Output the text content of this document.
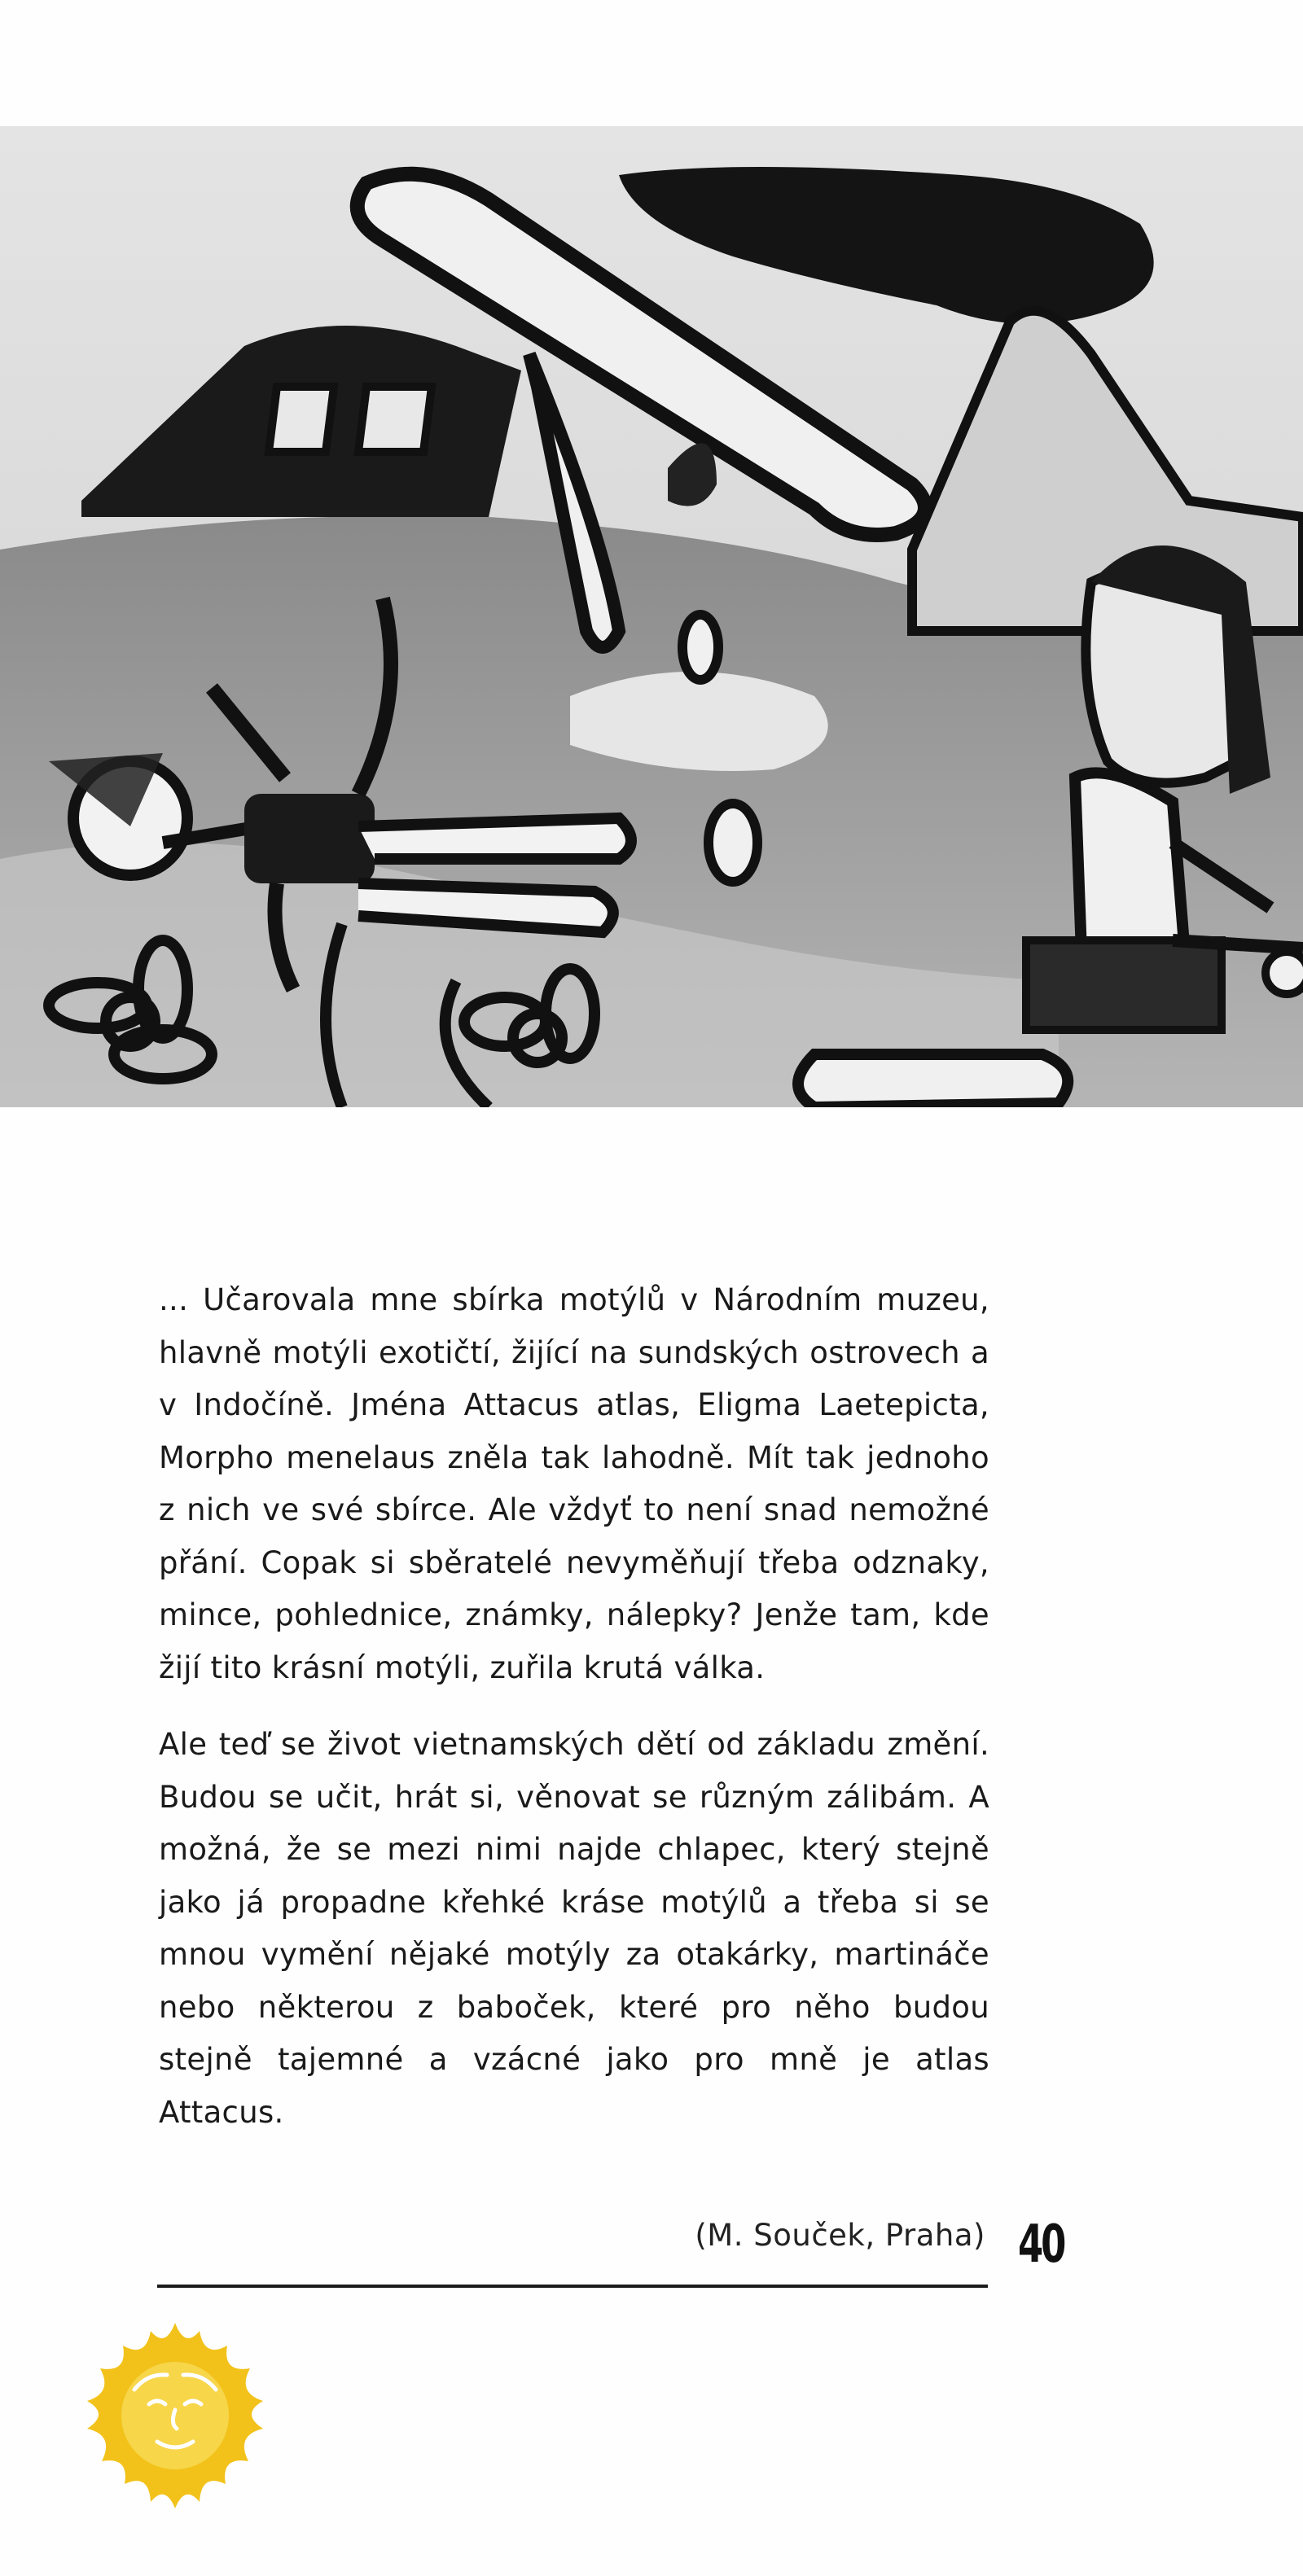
... Učarovala mne sbírka motýlů v Národním muzeu, hlavně motýli exotičtí, žijící na sundských ostrovech a v Indočíně. Jména Attacus atlas, Eligma Laetepicta, Morpho menelaus zněla tak lahodně. Mít tak jednoho z nich ve své sbírce. Ale vždyť to není snad nemožné přání. Copak si sběratelé nevyměňují třeba odznaky, mince, pohlednice, známky, nálepky? Jenže tam, kde žijí tito krásní motýli, zuřila krutá válka.

Ale teď se život vietnamských dětí od základu změní. Budou se učit, hrát si, věnovat se různým zálibám. A možná, že se mezi nimi najde chlapec, který stejně jako já propadne křehké kráse motýlů a třeba si se mnou vymění nějaké motýly za otakárky, martináče nebo některou z baboček, které pro něho budou stejně tajemné a vzácné jako pro mně je atlas Attacus.

(M. Souček, Praha) 40
